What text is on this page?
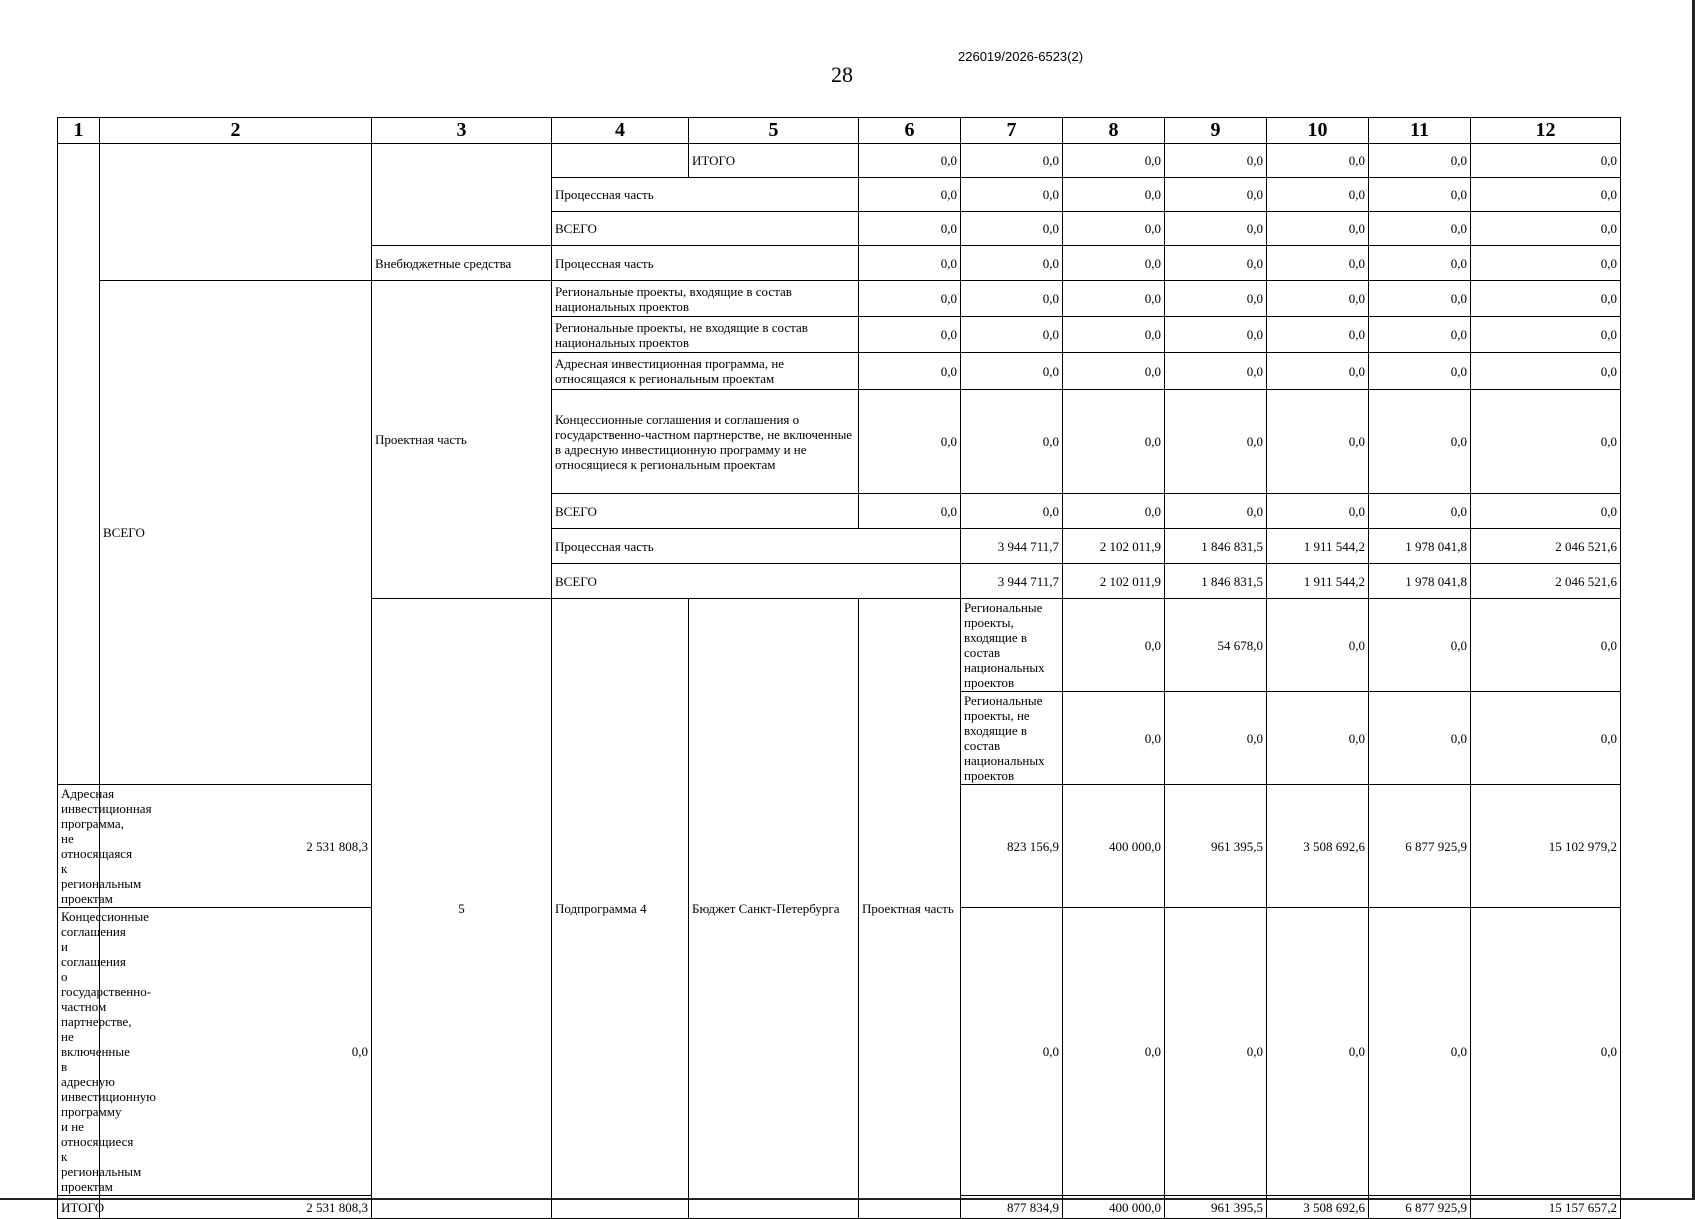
226019/2026-6523(2)
28
1	2	3	4	5	6	7	8	9	10	11	12	
				ИТОГО	0,0	0,0	0,0	0,0	0,0	0,0	0,0	
			Процессная часть		0,0	0,0	0,0	0,0	0,0	0,0	0,0	
			ВСЕГО		0,0	0,0	0,0	0,0	0,0	0,0	0,0	
		Внебюджетные средства	Процессная часть		0,0	0,0	0,0	0,0	0,0	0,0	0,0	
	ВСЕГО	Проектная часть	Региональные проекты, входящие в состав национальных проектов		0,0	0,0	0,0	0,0	0,0	0,0	0,0	
			Региональные проекты, не входящие в состав национальных проектов		0,0	0,0	0,0	0,0	0,0	0,0	0,0	
			Адресная инвестиционная программа, не относящаяся к региональным проектам		0,0	0,0	0,0	0,0	0,0	0,0	0,0	
			Концессионные соглашения и соглашения о государственно-частном партнерстве, не включенные в адресную инвестиционную программу и не относящиеся к региональным проектам		0,0	0,0	0,0	0,0	0,0	0,0	0,0	
			ВСЕГО		0,0	0,0	0,0	0,0	0,0	0,0	0,0	
			Процессная часть			3 944 711,7	2 102 011,9	1 846 831,5	1 911 544,2	1 978 041,8	2 046 521,6	
			ВСЕГО			3 944 711,7	2 102 011,9	1 846 831,5	1 911 544,2	1 978 041,8	2 046 521,6	
		5	Подпрограмма 4	Бюджет Санкт-Петербурга	Проектная часть	Региональные проекты, входящие в состав национальных проектов	0,0	54 678,0	0,0	0,0	0,0		
						Региональные проекты, не входящие в состав национальных проектов	0,0	0,0	0,0	0,0	0,0		
Адресная инвестиционная программа, не относящаяся к региональным проектам	2 531 808,3					823 156,9	400 000,0	961 395,5	3 508 692,6	6 877 925,9	15 102 979,2	
Концессионные соглашения и соглашения о государственно-частном партнерстве, не включенные в адресную инвестиционную программу и не относящиеся к региональным проектам	0,0					0,0	0,0	0,0	0,0	0,0	0,0	
ИТОГО	2 531 808,3					877 834,9	400 000,0	961 395,5	3 508 692,6	6 877 925,9	15 157 657,2	
